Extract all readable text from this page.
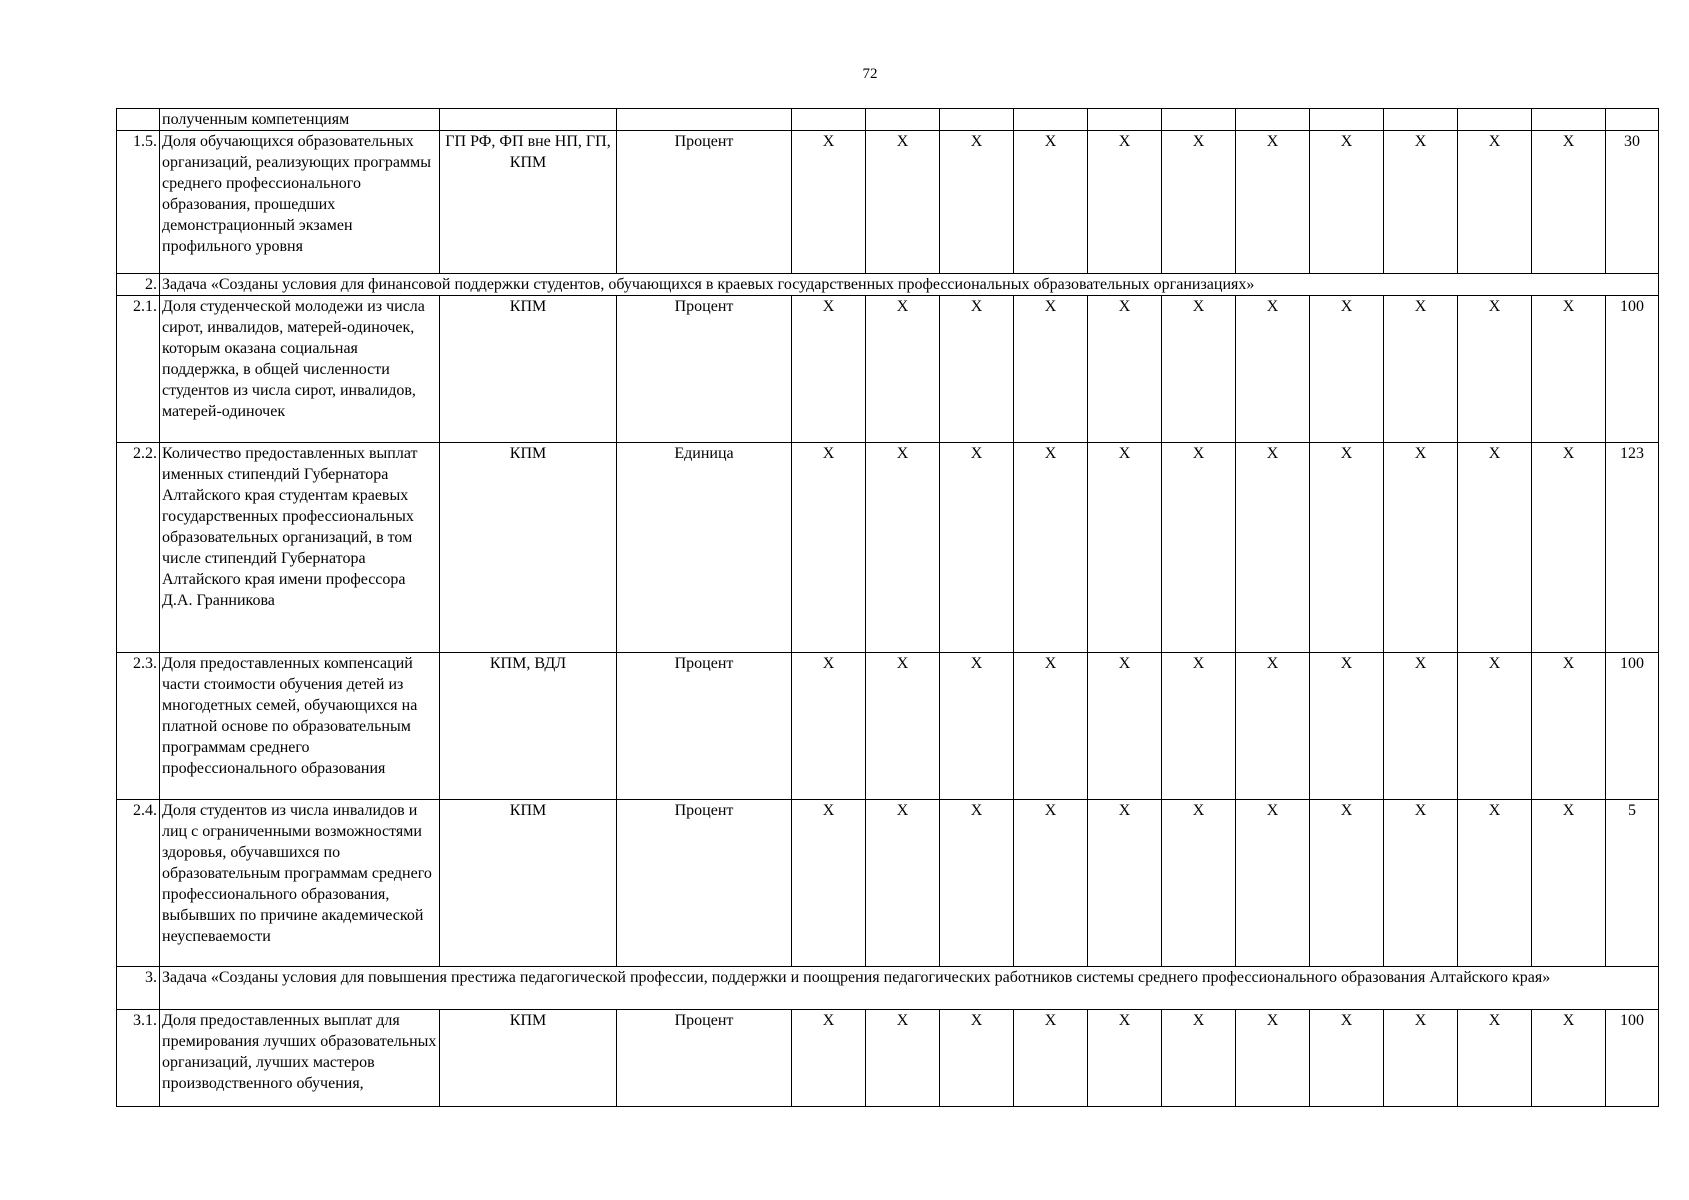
72
	полученным компетенциям														
1.5.	Доля обучающихся образовательных организаций, реализующих программы среднего профессионального образования, прошедших демонстрационный экзамен профильного уровня	ГП РФ, ФП вне НП, ГП, КПМ	Процент	X	X	X	X	X	X	X	X	X	X	X	30
2.	Задача «Созданы условия для финансовой поддержки студентов, обучающихся в краевых государственных профессиональных образовательных организациях»														
2.1.	Доля студенческой молодежи из числа сирот, инвалидов, матерей-одиночек, которым оказана социальная поддержка, в общей численности студентов из числа сирот, инвалидов, матерей-одиночек	КПМ	Процент	X	X	X	X	X	X	X	X	X	X	X	100
2.2.	Количество предоставленных выплат именных стипендий Губернатора Алтайского края студентам краевых государственных профессиональных образовательных организаций, в том числе стипендий Губернатора Алтайского края имени профессора Д.А. Гранникова	КПМ	Единица	X	X	X	X	X	X	X	X	X	X	X	123
2.3.	Доля предоставленных компенсаций части стоимости обучения детей из многодетных семей, обучающихся на платной основе по образовательным программам среднего профессионального образования	КПМ, ВДЛ	Процент	X	X	X	X	X	X	X	X	X	X	X	100
2.4.	Доля студентов из числа инвалидов и лиц с ограниченными возможностями здоровья, обучавшихся по образовательным программам среднего профессионального образования, выбывших по причине академической неуспеваемости	КПМ	Процент	X	X	X	X	X	X	X	X	X	X	X	5
3.	Задача «Созданы условия для повышения престижа педагогической профессии, поддержки и поощрения педагогических работников системы среднего профессионального образования Алтайского края»														
3.1.	Доля предоставленных выплат для премирования лучших образовательных организаций, лучших мастеров производственного обучения,	КПМ	Процент	X	X	X	X	X	X	X	X	X	X	X	100
